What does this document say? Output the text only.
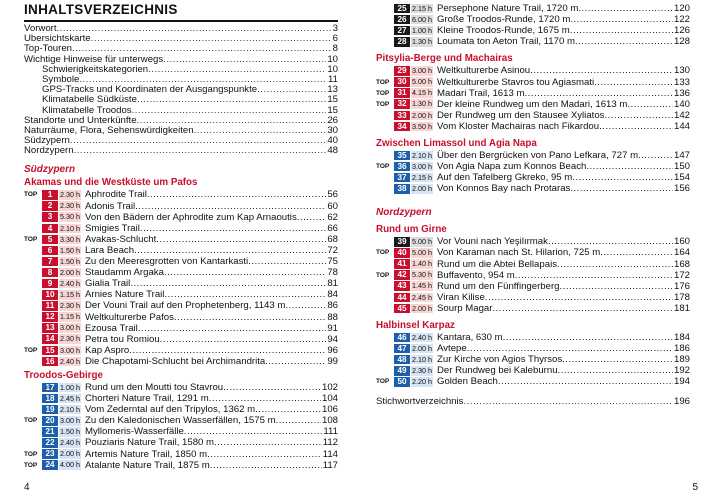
INHALTSVERZEICHNIS
Vorwort .....	3
Übersichtskarte .....	6
Top-Touren .....	8
Wichtige Hinweise für unterwegs .....	10
Schwierigkeitskategorien .....	10
Symbole .....	11
GPS-Tracks und Koordinaten der Ausgangspunkte .....	13
Klimatabelle Südküste .....	15
Klimatabelle Troodos .....	15
Standorte und Unterkünfte .....	26
Naturräume, Flora, Sehenswürdigkeiten .....	30
Südzypern .....	40
Nordzypern .....	48
Südzypern
Akamas und die Westküste um Pafos
TOP	1	2.30 h Aphrodite Trail .....	56
2	2.30 h Adonis Trail .....	60
3	5.30 h Von den Bädern der Aphrodite zum Kap Arnaoutis .....	62
4	2.10 h Smigies Trail .....	66
TOP	5	3.30 h Avakas-Schlucht .....	68
6	1.50 h Lara Beach .....	72
7	1.50 h Zu den Meeresgrotten von Kantarkasti .....	75
8	2.00 h Staudamm Argaka .....	78
9	2.40 h Gialia Trail .....	81
10 1.15 h Arnies Nature Trail .....	84
11 2.30 h Der Vouni Trail auf den Prophetenberg, 1143 m .....	86
12 1.15 h Weltkulturerbe Pafos .....	88
13 3.00 h Ezousa Trail .....	91
14 2.30 h Petra tou Romiou .....	94
TOP 15 3.00 h Kap Aspro .....	96
16 2.40 h Die Chapotami-Schlucht bei Archimandrita .....	99
Troodos-Gebirge
17 1.00 h Rund um den Moutti tou Stavrou .....	102
18 2.45 h Chorteri Nature Trail, 1291 m .....	104
19 2.10 h Vom Zederntal auf den Tripylos, 1362 m .....	106
TOP 20 3.00 h Zu den Kaledonischen Wasserfällen, 1575 m .....	108
21 1.50 h Myllomeris-Wasserfälle .....	111
22 2.40 h Pouziaris Nature Trail, 1580 m .....	112
TOP 23 2.00 h Artemis Nature Trail, 1850 m .....	114
TOP 24 4.00 h Atalante Nature Trail, 1875 m .....	117
4
25 2.15 h Persephone Nature Trail, 1720 m .....	120
26 6.00 h Große Troodos-Runde, 1720 m .....	122
27 1.00 h Kleine Troodos-Runde, 1675 m .....	126
28 1.30 h Loumata ton Aeton Trail, 1170 m .....	128
Pitsylia-Berge und Machairas
29 3.00 h Weltkulturerbe Asinou .....	130
TOP 30 5.00 h Weltkulturerbe Stavros tou Agiasmati .....	133
TOP 31 4.15 h Madari Trail, 1613 m .....	136
TOP 32 1.30 h Der kleine Rundweg um den Madari, 1613 m .....	140
33 2.00 h Der Rundweg um den Stausee Xyliatos .....	142
34 3.50 h Vom Kloster Machairas nach Fikardou .....	144
Zwischen Limassol und Agia Napa
35 2.10 h Über den Bergrücken von Pano Lefkara, 727 m .....	147
TOP 36 3.00 h Von Agia Napa zum Konnos Beach .....	150
37 2.15 h Auf den Tafelberg Gkreko, 95 m .....	154
38 2.00 h Von Konnos Bay nach Protaras .....	156
Nordzypern
Rund um Girne
39 5.00 h Vor Vouni nach Yeşilırmak .....	160
TOP 40 5.00 h Von Karaman nach St. Hilarion, 725 m .....	164
41 1.40 h Rund um die Abtei Bellapais .....	168
TOP 42 5.30 h Buffavento, 954 m .....	172
43 1.45 h Rund um den Fünffingerberg .....	176
44 2.45 h Viran Kilise .....	178
45 2.00 h Sourp Magar .....	181
Halbinsel Karpaz
46 2.40 h Kantara, 630 m .....	184
47 2.00 h Avtepe .....	186
48 2.10 h Zur Kirche von Agios Thyrsos .....	189
49 2.30 h Der Rundweg bei Kaleburnu .....	192
TOP 50 2.20 h Golden Beach .....	194
Stichwortverzeichnis .....	196
5
